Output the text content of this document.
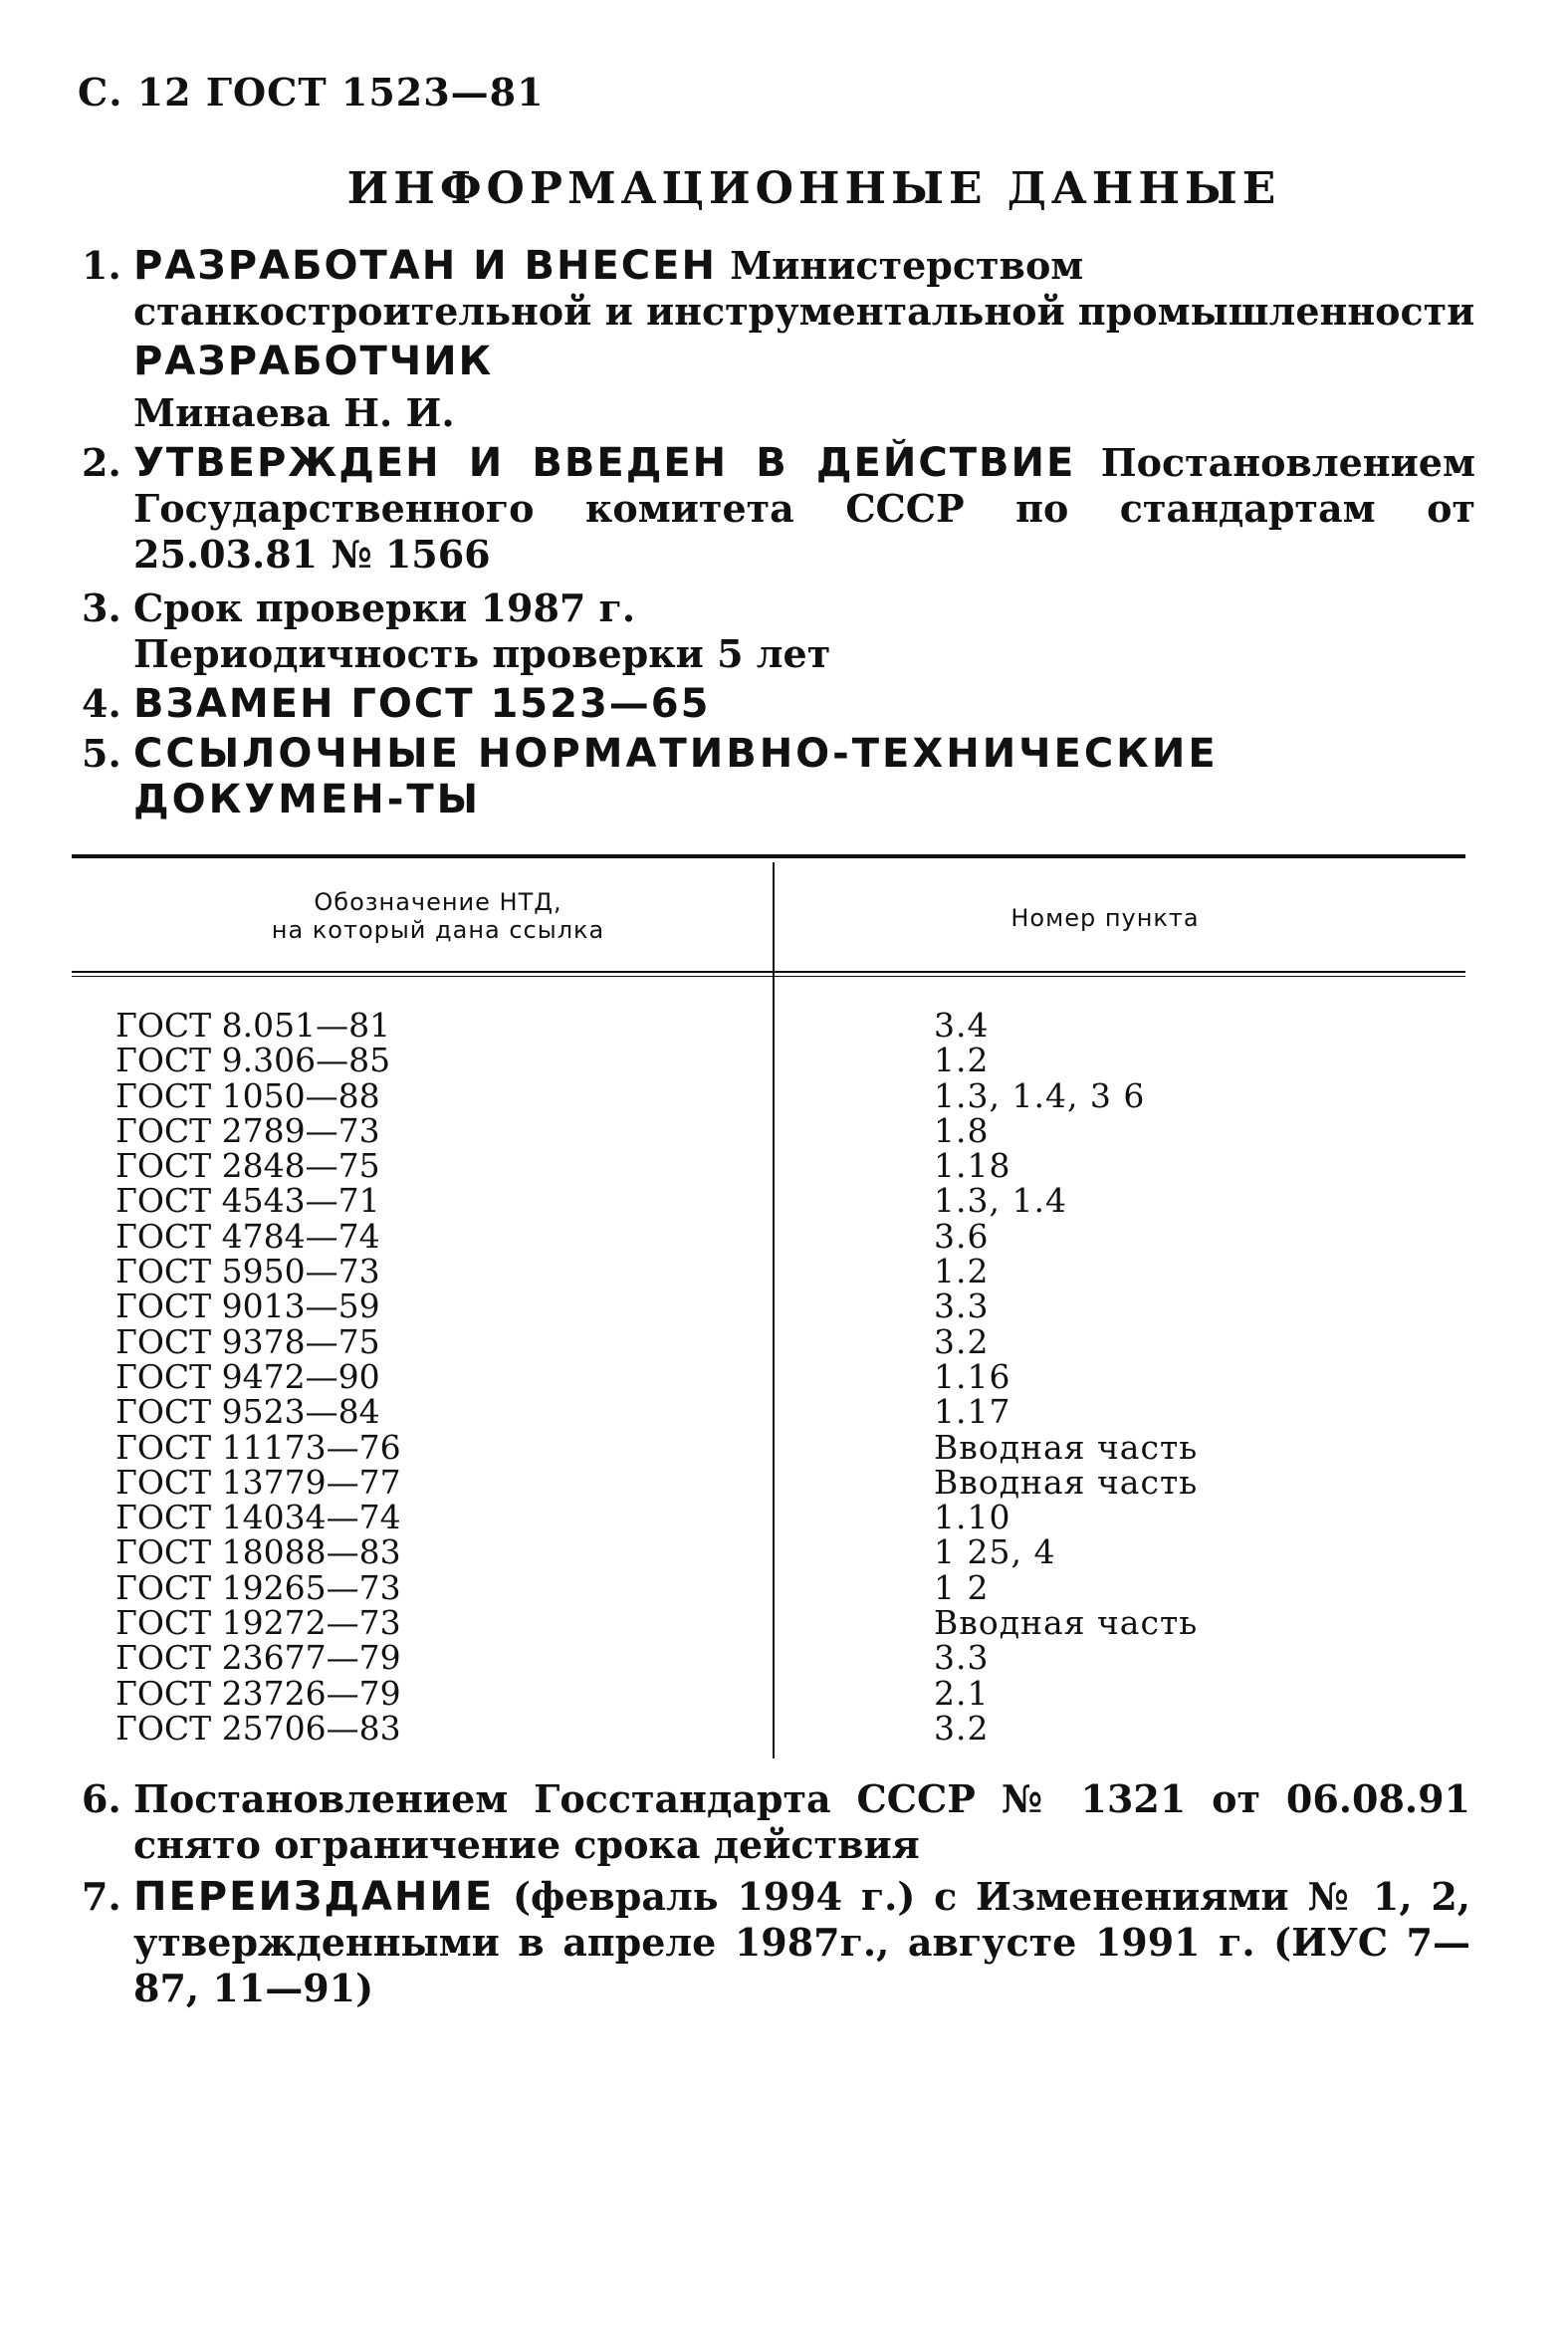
С. 12 ГОСТ 1523—81
ИНФОРМАЦИОННЫЕ ДАННЫЕ
1. РАЗРАБОТАН И ВНЕСЕН Министерством станкостроительной и инструментальной промышленности
РАЗРАБОТЧИК
Минаева Н. И.
2. УТВЕРЖДЕН И ВВЕДЕН В ДЕЙСТВИЕ Постановлением Государственного комитета СССР по стандартам от 25.03.81 № 1566
3. Срок проверки 1987 г.
Периодичность проверки 5 лет
4. ВЗАМЕН ГОСТ 1523—65
5. ССЫЛОЧНЫЕ НОРМАТИВНО-ТЕХНИЧЕСКИЕ ДОКУМЕН-ТЫ
Обозначение НТД,
на который дана ссылка	Номер пункта
ГОСТ 8.051—81	3.4
ГОСТ 9.306—85	1.2
ГОСТ 1050—88	1.3, 1.4, 3 6
ГОСТ 2789—73	1.8
ГОСТ 2848—75	1.18
ГОСТ 4543—71	1.3, 1.4
ГОСТ 4784—74	3.6
ГОСТ 5950—73	1.2
ГОСТ 9013—59	3.3
ГОСТ 9378—75	3.2
ГОСТ 9472—90	1.16
ГОСТ 9523—84	1.17
ГОСТ 11173—76	Вводная часть
ГОСТ 13779—77	Вводная часть
ГОСТ 14034—74	1.10
ГОСТ 18088—83	1 25, 4
ГОСТ 19265—73	1 2
ГОСТ 19272—73	Вводная часть
ГОСТ 23677—79	3.3
ГОСТ 23726—79	2.1
ГОСТ 25706—83	3.2
6. Постановлением Госстандарта СССР № 1321 от 06.08.91 снято ограничение срока действия
7. ПЕРЕИЗДАНИЕ (февраль 1994 г.) с Изменениями № 1, 2, утвержденными в апреле 1987г., августе 1991 г. (ИУС 7—87, 11—91)
